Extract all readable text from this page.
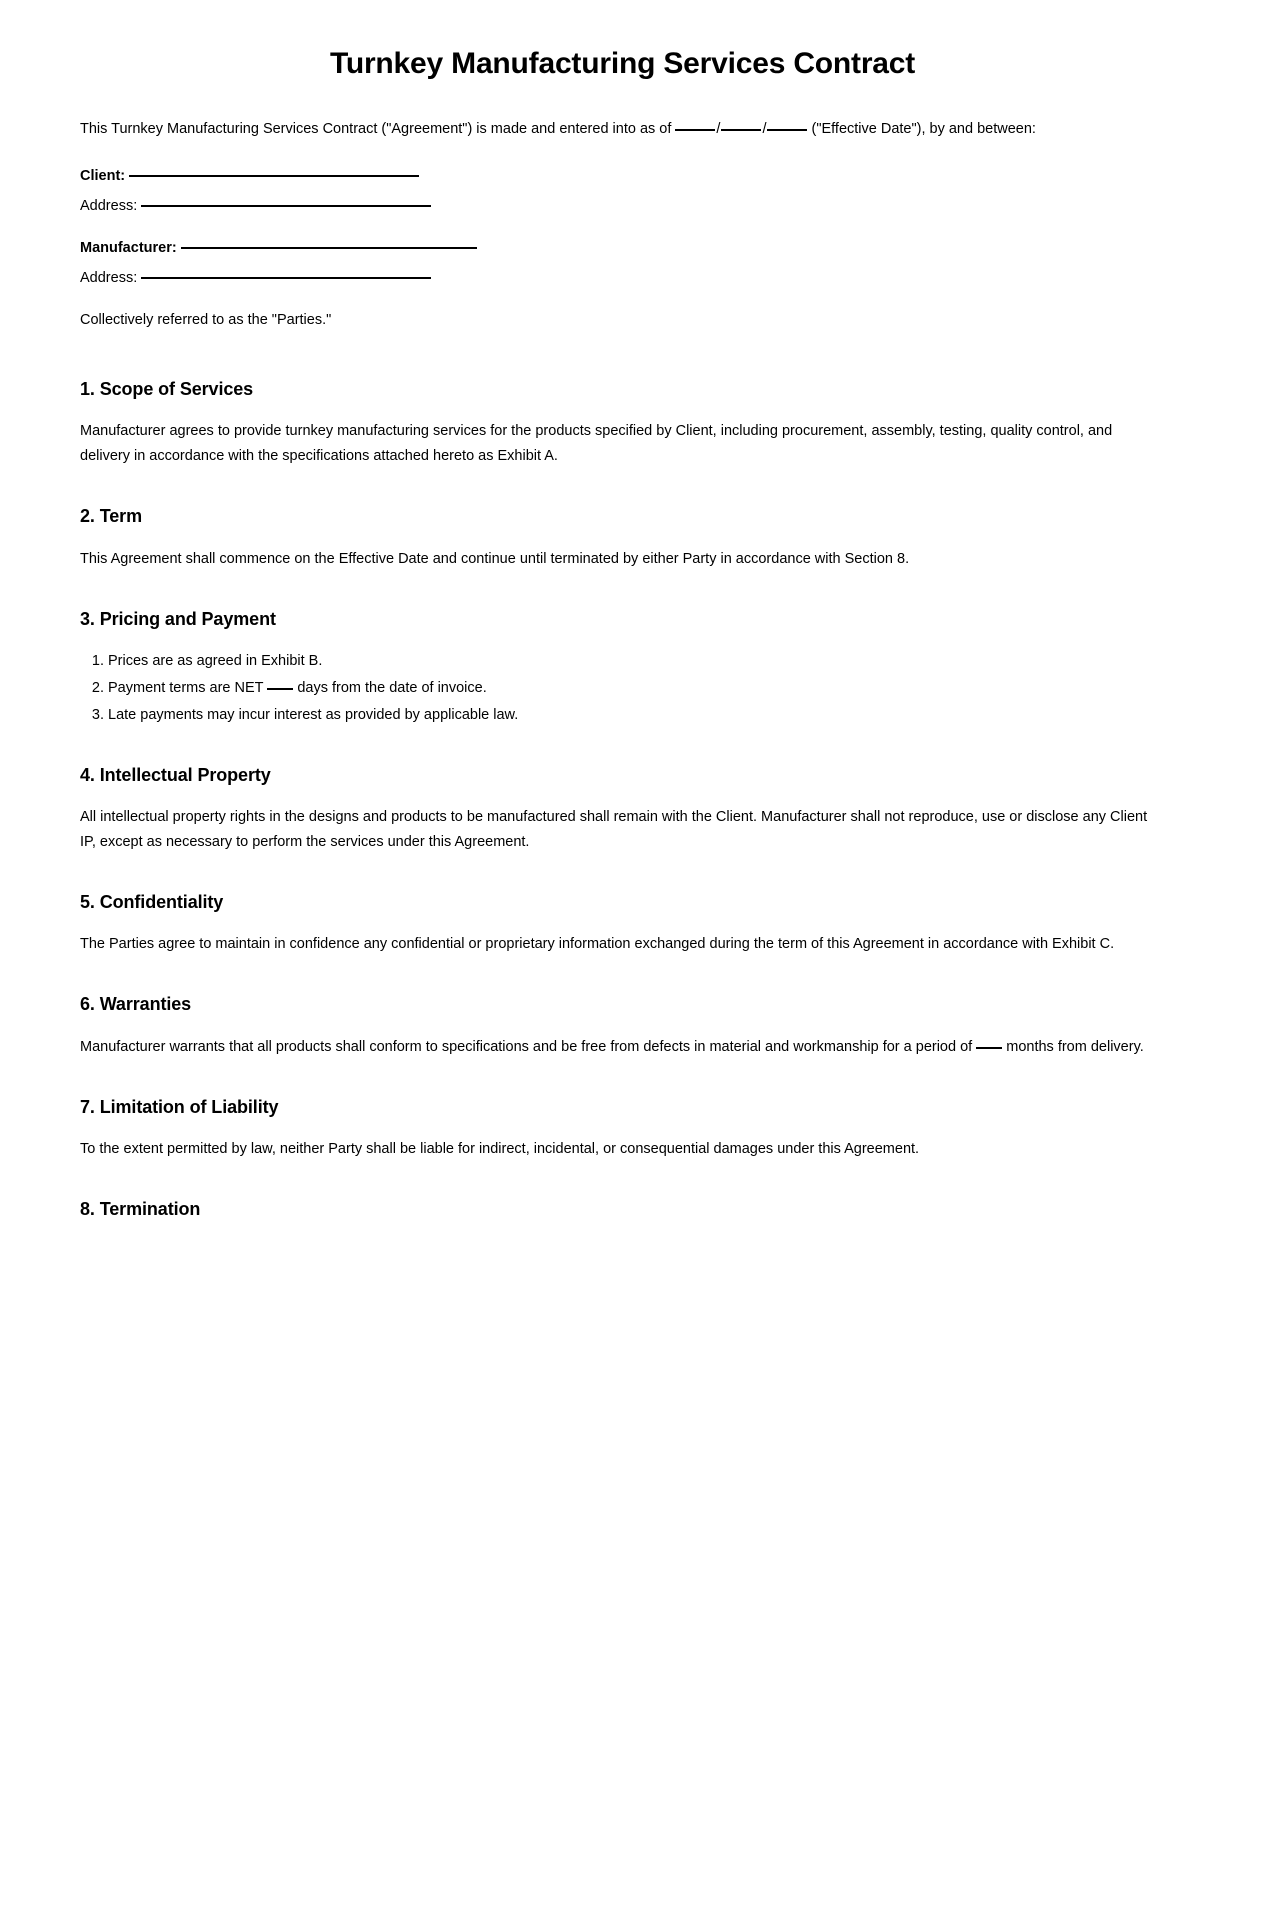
Turnkey Manufacturing Services Contract

This Turnkey Manufacturing Services Contract ("Agreement") is made and entered into as of	/	/	("Effective Date"), by and between:

Client:
Address:
Manufacturer:
Address:

Collectively referred to as the "Parties."

1. Scope of Services

Manufacturer agrees to provide turnkey manufacturing services for the products specified by Client, including procurement, assembly, testing, quality control, and delivery in accordance with the specifications attached hereto as Exhibit A.

2. Term

This Agreement shall commence on the Effective Date and continue until terminated by either Party in accordance with Section 8.

3. Pricing and Payment
1. Prices are as agreed in Exhibit B.
2. Payment terms are NET days from the date of invoice.
3. Late payments may incur interest as provided by applicable law.
4. Intellectual Property

All intellectual property rights in the designs and products to be manufactured shall remain with the Client. Manufacturer shall not reproduce, use or disclose any Client IP, except as necessary to perform the services under this Agreement.

5. Confidentiality

The Parties agree to maintain in confidence any confidential or proprietary information exchanged during the term of this Agreement in accordance with Exhibit C.

6. Warranties

Manufacturer warrants that all products shall conform to specifications and be free from defects in material and workmanship for a period of months from delivery.

7. Limitation of Liability

To the extent permitted by law, neither Party shall be liable for indirect, incidental, or consequential damages under this Agreement.

8. Termination
